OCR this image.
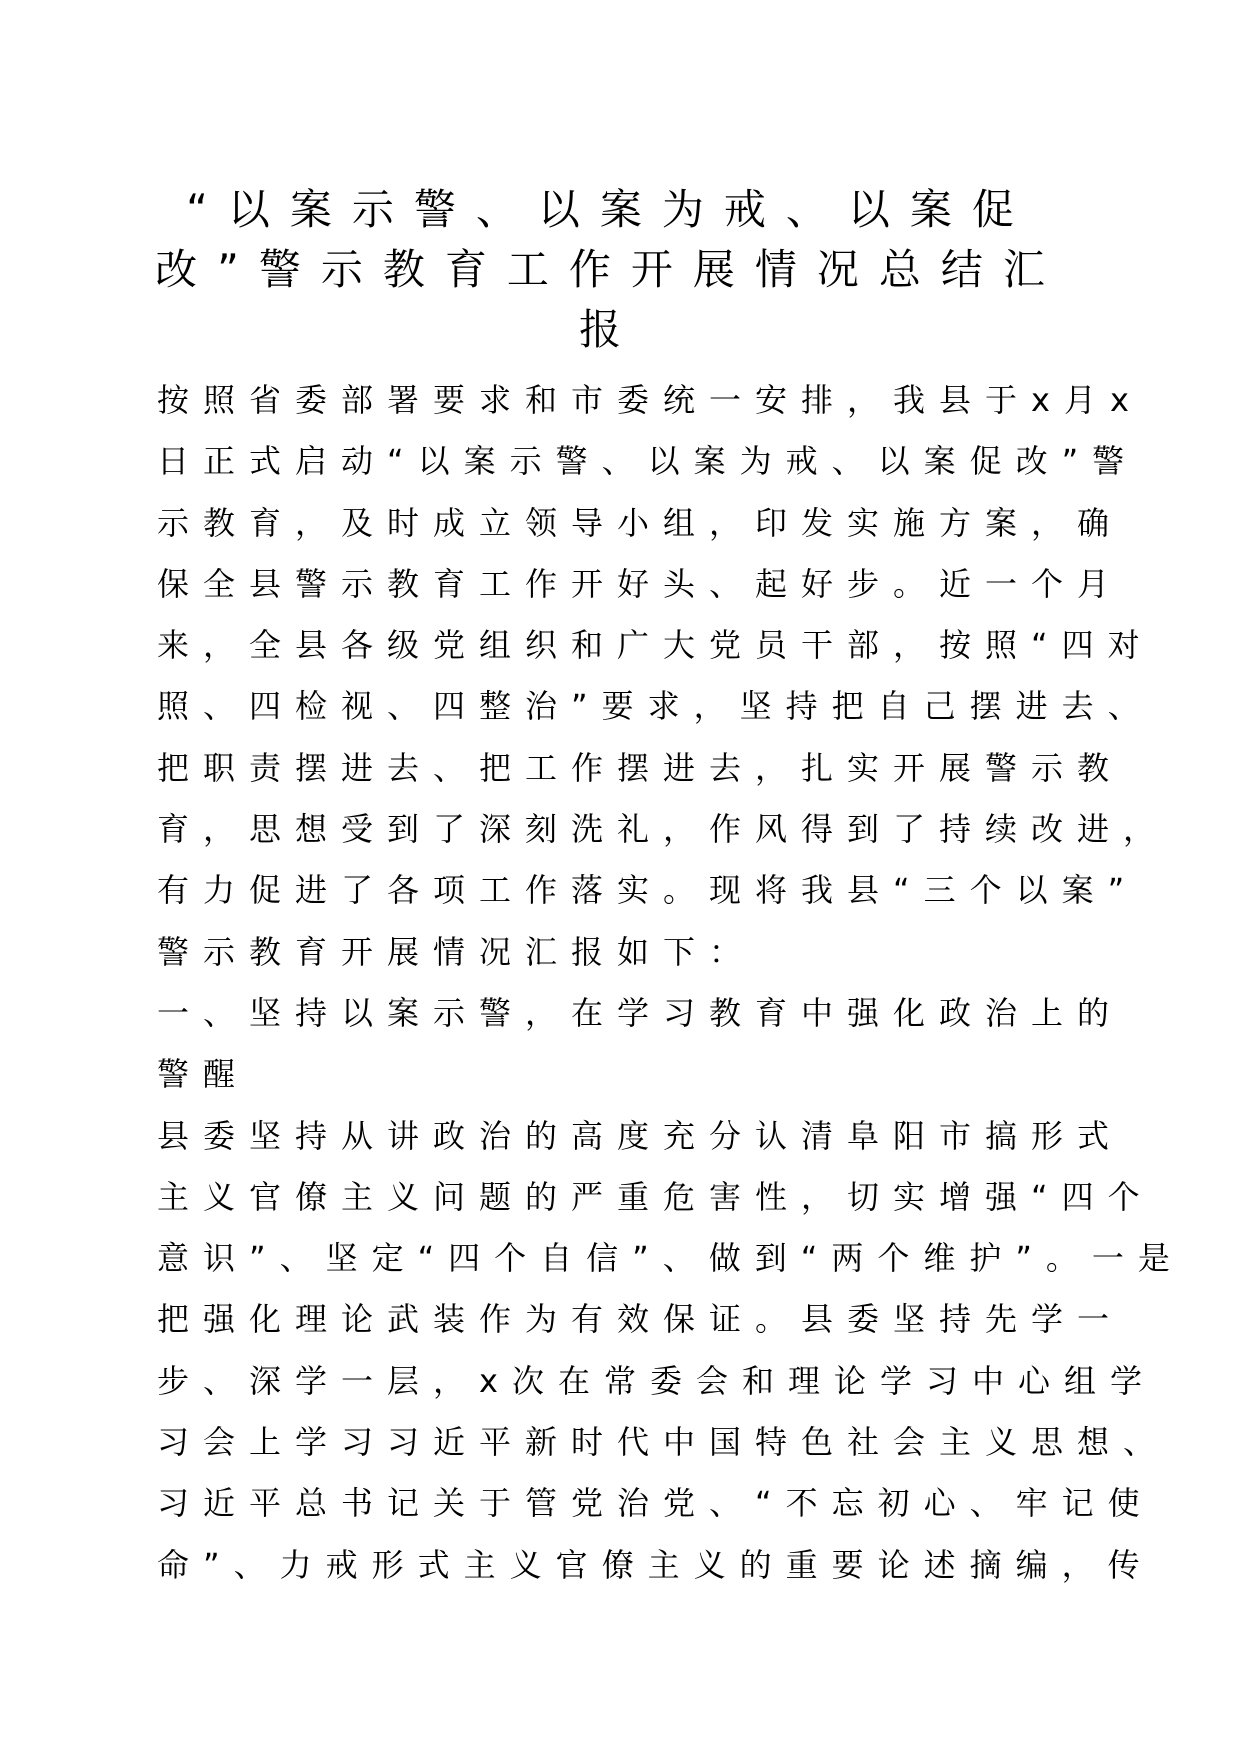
“以案示警、以案为戒、以案促
改”警示教育工作开展情况总结汇
报
按照省委部署要求和市委统一安排，我县于x月x
日正式启动“以案示警、以案为戒、以案促改”警
示教育，及时成立领导小组，印发实施方案，确
保全县警示教育工作开好头、起好步。近一个月
来，全县各级党组织和广大党员干部，按照“四对
照、四检视、四整治”要求，坚持把自己摆进去、
把职责摆进去、把工作摆进去，扎实开展警示教
育，思想受到了深刻洗礼，作风得到了持续改进，
有力促进了各项工作落实。现将我县“三个以案”
警示教育开展情况汇报如下：
一、坚持以案示警，在学习教育中强化政治上的
警醒
县委坚持从讲政治的高度充分认清阜阳市搞形式
主义官僚主义问题的严重危害性，切实增强“四个
意识”、坚定“四个自信”、做到“两个维护”。一是
把强化理论武装作为有效保证。县委坚持先学一
步、深学一层，x次在常委会和理论学习中心组学
习会上学习习近平新时代中国特色社会主义思想、
习近平总书记关于管党治党、“不忘初心、牢记使
命”、力戒形式主义官僚主义的重要论述摘编，传
